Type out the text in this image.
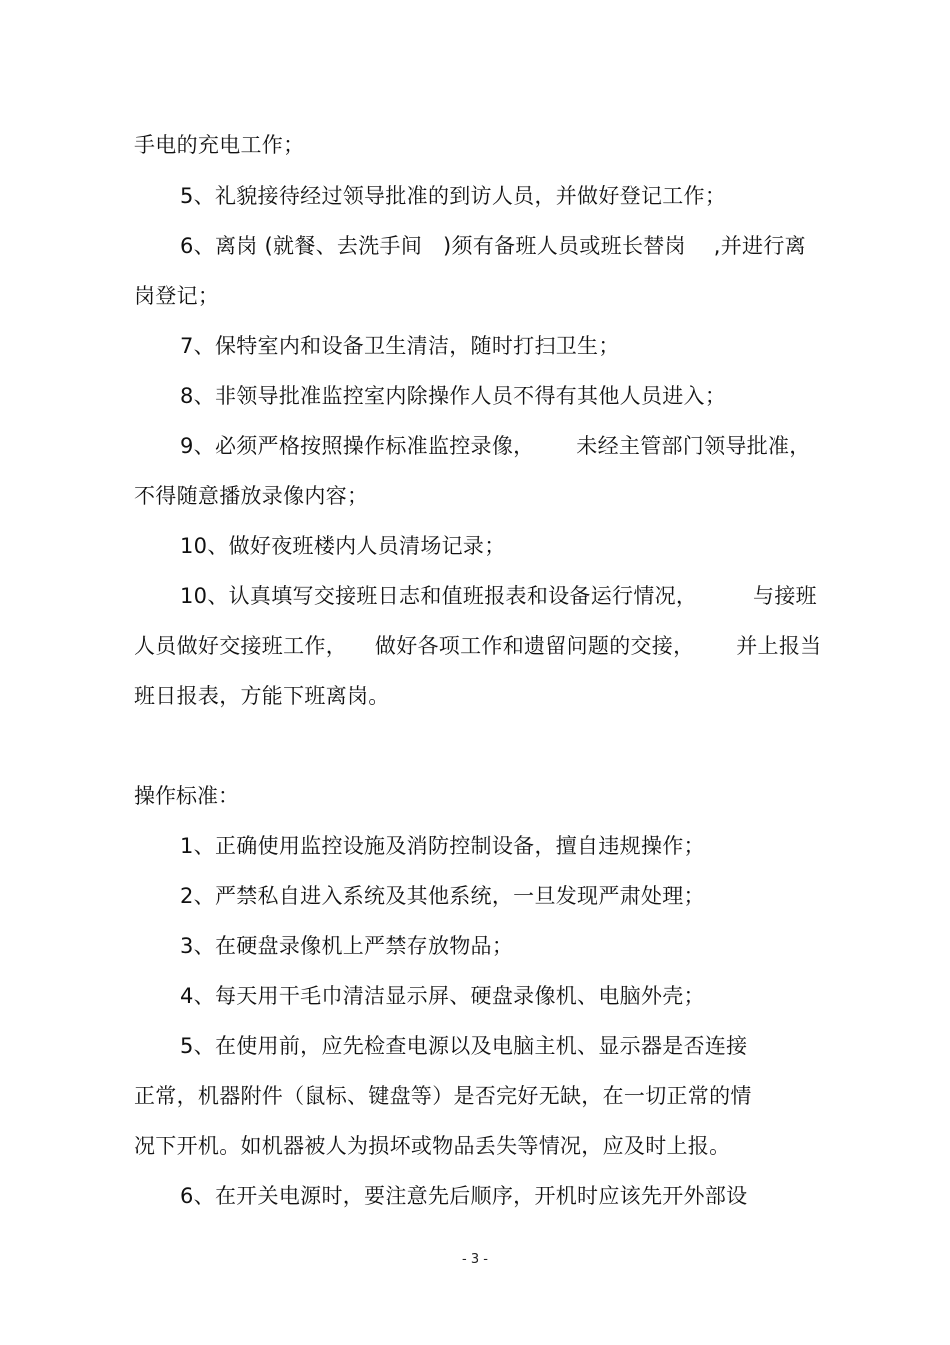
手电的充电工作；
5、礼貌接待经过领导批准的到访人员，并做好登记工作；
6、离岗 (就餐、去洗手间   )须有备班人员或班长替岗    ,并进行离
岗登记；
7、保特室内和设备卫生清洁，随时打扫卫生；
8、非领导批准监控室内除操作人员不得有其他人员进入；
9、必须严格按照操作标准监控录像，      未经主管部门领导批准，
不得随意播放录像内容；
10、做好夜班楼内人员清场记录；
10、认真填写交接班日志和值班报表和设备运行情况，        与接班
人员做好交接班工作，    做好各项工作和遗留问题的交接，      并上报当
班日报表，方能下班离岗。
操作标准：
1、正确使用监控设施及消防控制设备，擅自违规操作；
2、严禁私自进入系统及其他系统，一旦发现严肃处理；
3、在硬盘录像机上严禁存放物品；
4、每天用干毛巾清洁显示屏、硬盘录像机、电脑外壳；
5、在使用前，应先检查电源以及电脑主机、显示器是否连接
正常，机器附件（鼠标、键盘等）是否完好无缺，在一切正常的情
况下开机。如机器被人为损坏或物品丢失等情况，应及时上报。
6、在开关电源时，要注意先后顺序，开机时应该先开外部设
- 3 -
